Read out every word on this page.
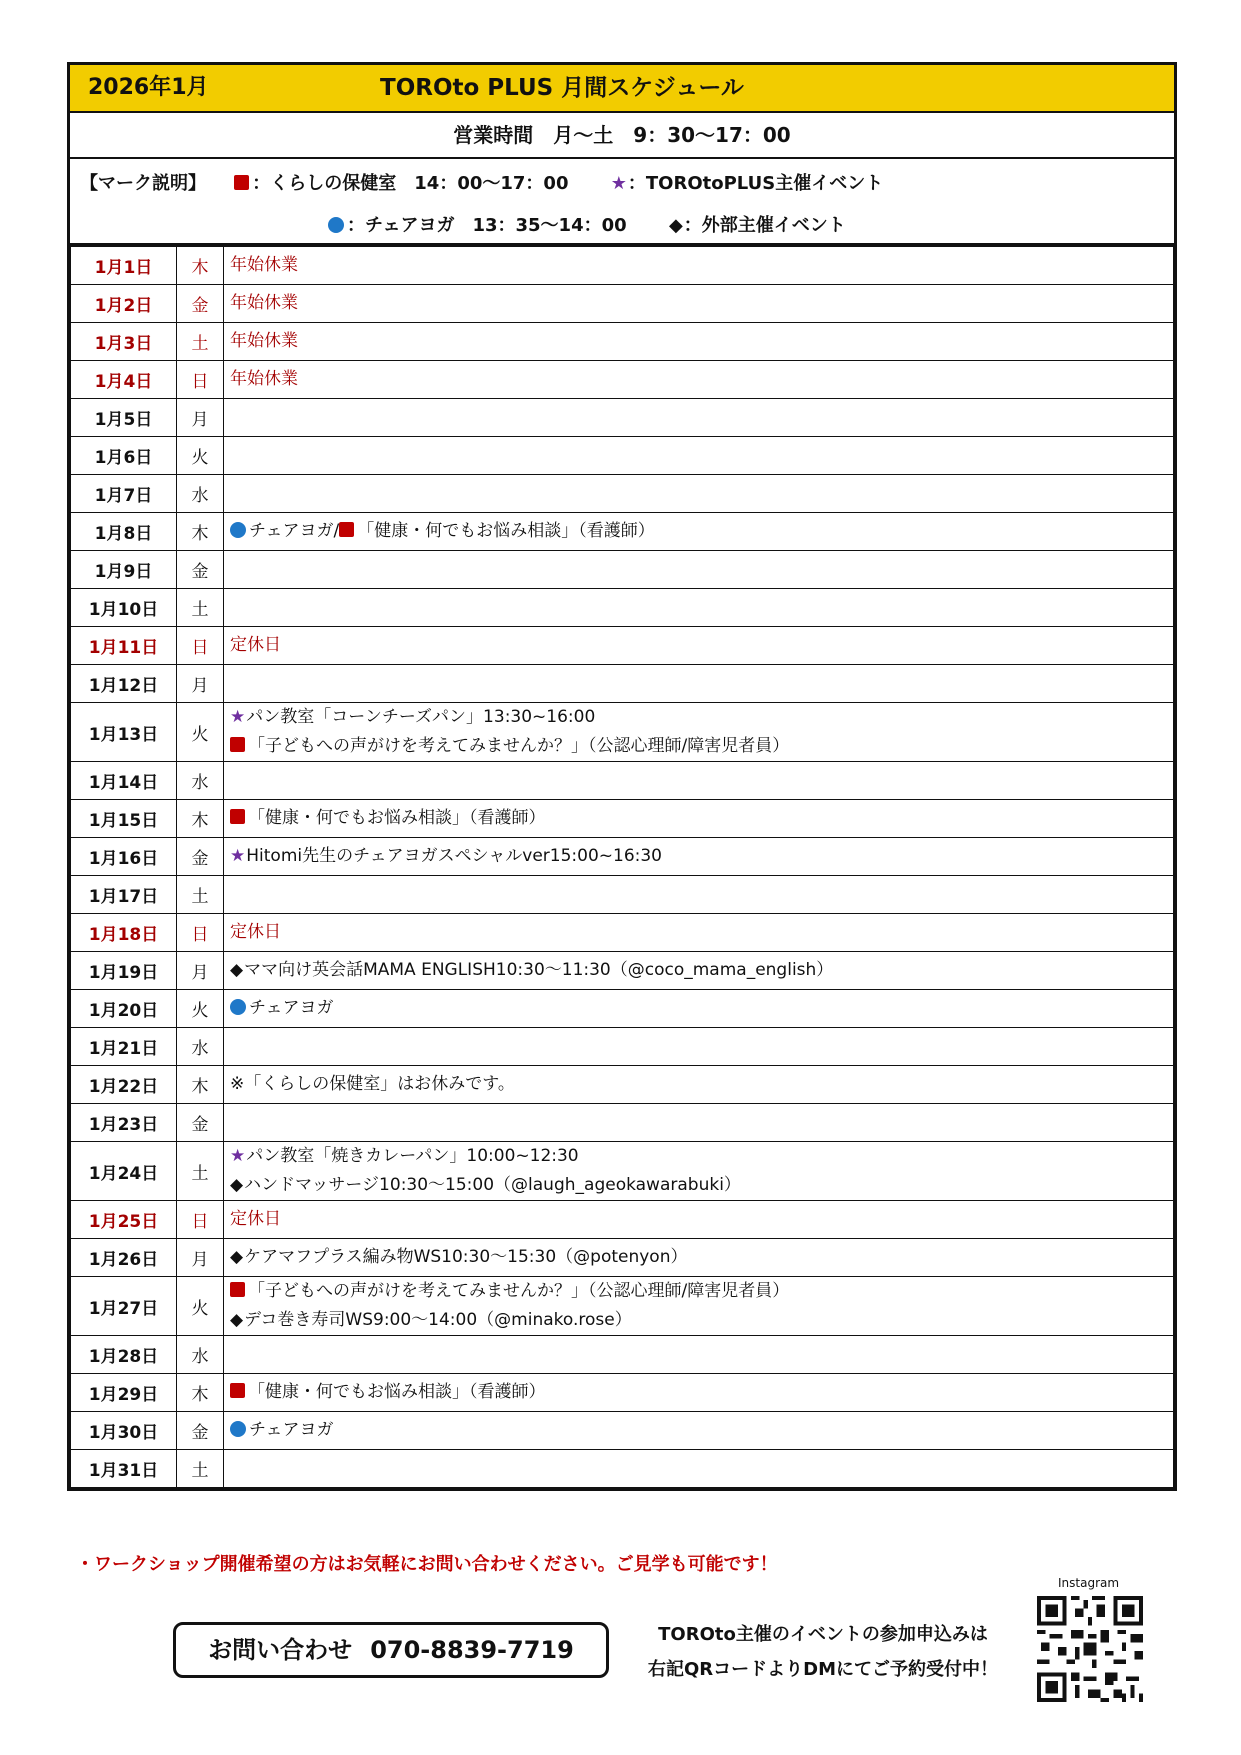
2026年1月	TOROto PLUS 月間スケジュール
営業時間　月～土　9：30～17：00
【マーク説明】	：くらしの保健室　14：00～17：00 ★：TOROtoPLUS主催イベント
：チェアヨガ　13：35～14：00 ◆：外部主催イベント
1月1日	木	年始休業

1月2日	金	年始休業

1月3日	土	年始休業

1月4日	日	年始休業

1月5日	月	
1月6日	火	
1月7日	水	
1月8日	木	チェアヨガ/ 「健康・何でもお悩み相談」（看護師）

1月9日	金	
1月10日	土	
1月11日	日	定休日

1月12日	月	
1月13日	火	★パン教室「コーンチーズパン」13:30~16:00
「子どもへの声がけを考えてみませんか？」（公認心理師/障害児者員）

1月14日	水	
1月15日	木	「健康・何でもお悩み相談」（看護師）

1月16日	金	★Hitomi先生のチェアヨガスペシャルver15:00~16:30

1月17日	土	
1月18日	日	定休日

1月19日	月	◆ママ向け英会話MAMA ENGLISH10:30～11:30（@coco_mama_english）

1月20日	火	チェアヨガ

1月21日	水	
1月22日	木	※「くらしの保健室」はお休みです。

1月23日	金	
1月24日	土	★パン教室「焼きカレーパン」10:00~12:30
◆ハンドマッサージ10:30～15:00（@laugh_ageokawarabuki）

1月25日	日	定休日

1月26日	月	◆ケアマフプラス編み物WS10:30～15:30（@potenyon）

1月27日	火	「子どもへの声がけを考えてみませんか？」（公認心理師/障害児者員）
◆デコ巻き寿司WS9:00～14:00（@minako.rose）

1月28日	水	
1月29日	木	「健康・何でもお悩み相談」（看護師）

1月30日	金	チェアヨガ

1月31日	土	
・ワークショップ開催希望の方はお気軽にお問い合わせください。ご見学も可能です！
お問い合わせ 070-8839-7719
TOROto主催のイベントの参加申込みは
右記QRコードよりDMにてご予約受付中！
Instagram
